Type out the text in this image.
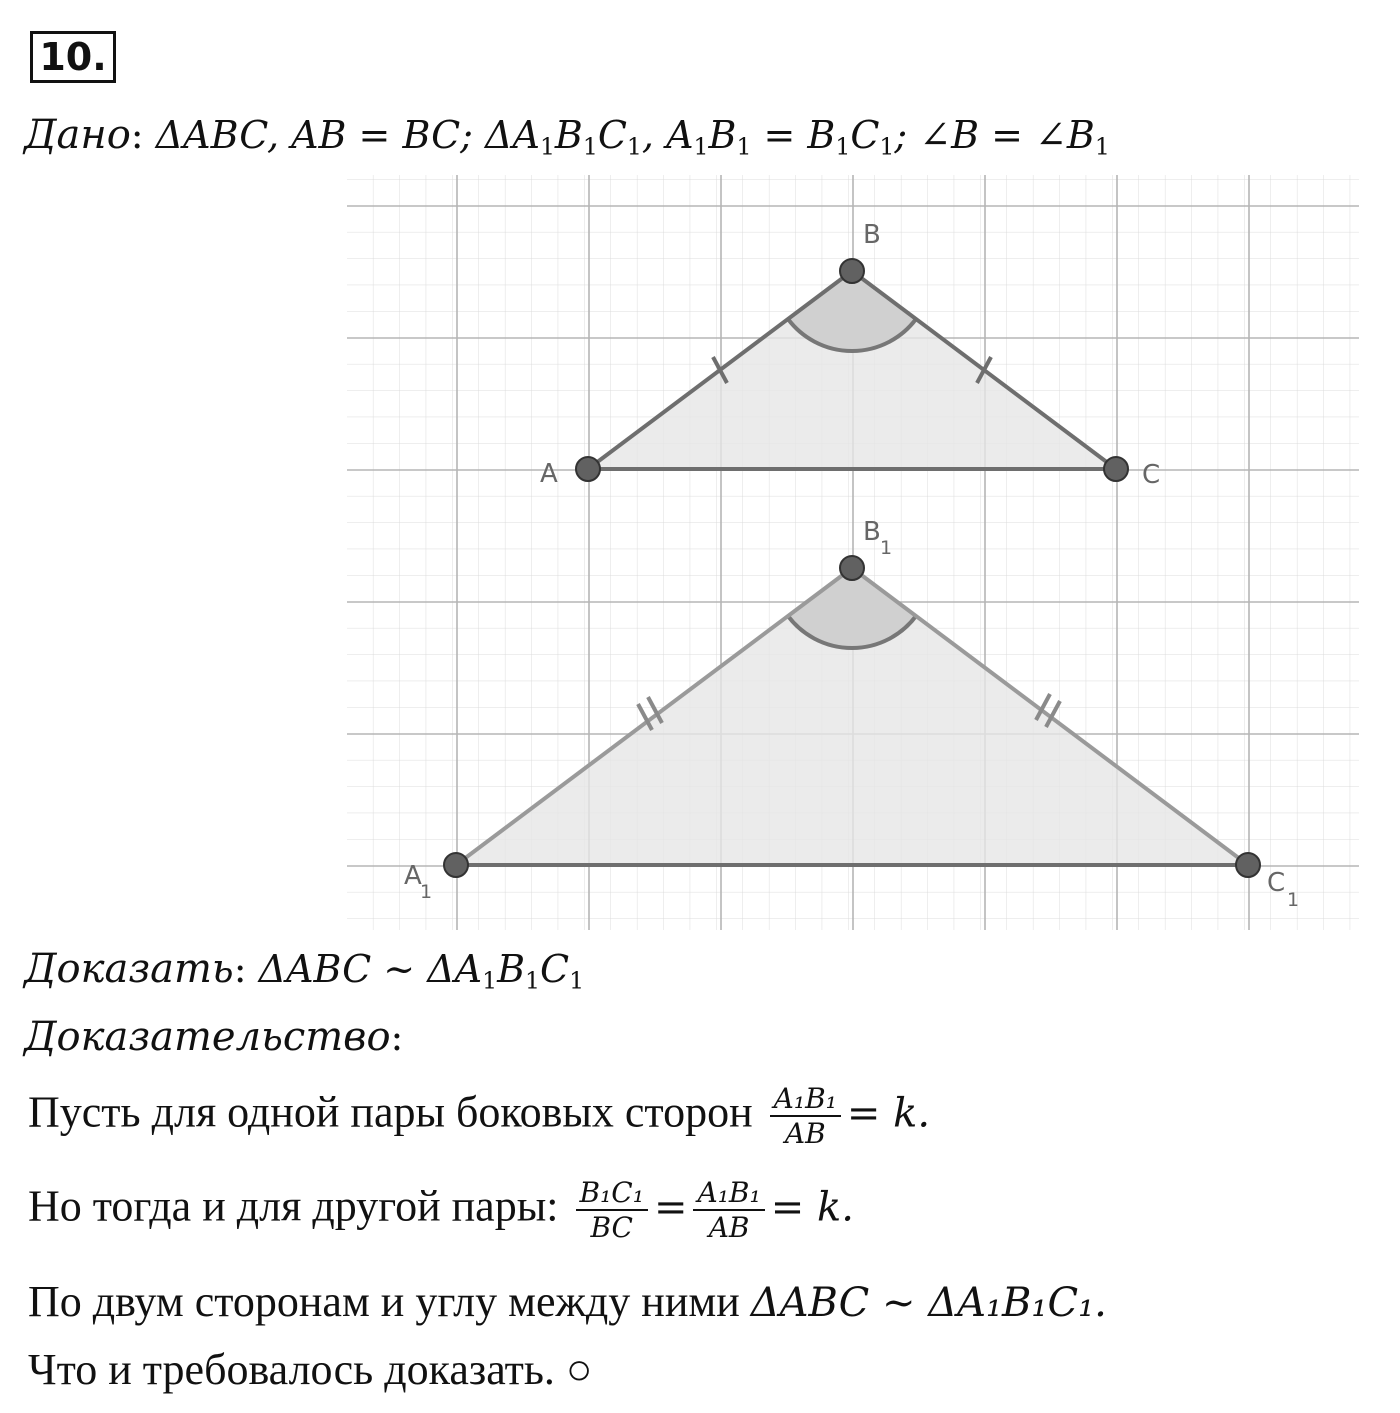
10.
Дано: ΔABC, AB = BC; $\Delta A_1B_1C_1$, $A_1B_1 = B_1C_1$; ∠B = $\angle B_1$
A
B
C
A
1
B
1
C
1
Доказать: ΔABC ~ $\Delta A_1B_1C_1$
Доказательство:
Пусть для одной пары боковых сторон $\frac{\text{A₁B₁}}{AB} = k$.
Но тогда и для другой пары: $\frac{\text{B₁C₁}}{BC} = \frac{\text{A₁B₁}}{AB} = k$.
По двум сторонам и углу между ними ΔABC ~ ΔA₁B₁C₁.
Что и требовалось доказать. ○
